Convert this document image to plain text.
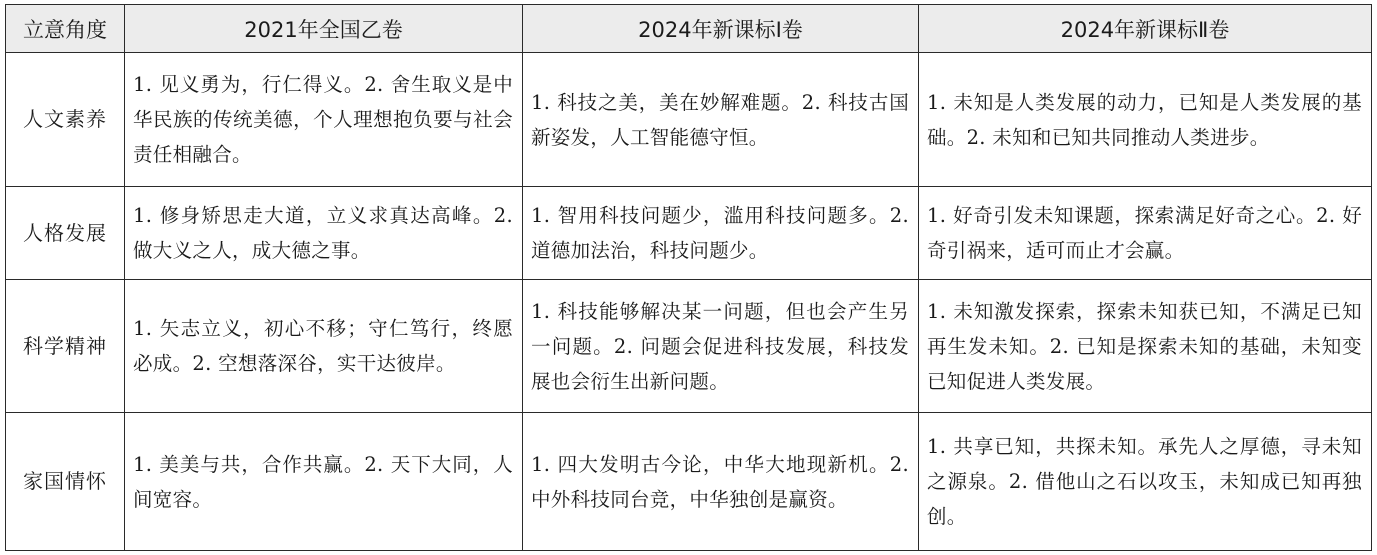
立意角度	2021年全国乙卷	2024年新课标I卷	2024年新课标Ⅱ卷
人文素养	1. 见义勇为，行仁得义。2. 舍生取义是中华民族的传统美德，个人理想抱负要与社会责任相融合。	1. 科技之美，美在妙解难题。2. 科技古国新姿发，人工智能德守恒。	1. 未知是人类发展的动力，已知是人类发展的基础。2. 未知和已知共同推动人类进步。
人格发展	1. 修身矫思走大道，立义求真达高峰。2. 做大义之人，成大德之事。	1. 智用科技问题少，滥用科技问题多。2. 道德加法治，科技问题少。	1. 好奇引发未知课题，探索满足好奇之心。2. 好奇引祸来，适可而止才会赢。
科学精神	1. 矢志立义，初心不移；守仁笃行，终愿必成。2. 空想落深谷，实干达彼岸。	1. 科技能够解决某一问题，但也会产生另一问题。2. 问题会促进科技发展，科技发展也会衍生出新问题。	1. 未知激发探索，探索未知获已知，不满足已知再生发未知。2. 已知是探索未知的基础，未知变已知促进人类发展。
家国情怀	1. 美美与共，合作共赢。2. 天下大同，人间宽容。	1. 四大发明古今论，中华大地现新机。2. 中外科技同台竞，中华独创是赢资。	1. 共享已知，共探未知。承先人之厚德，寻未知之源泉。2. 借他山之石以攻玉，未知成已知再独创。
